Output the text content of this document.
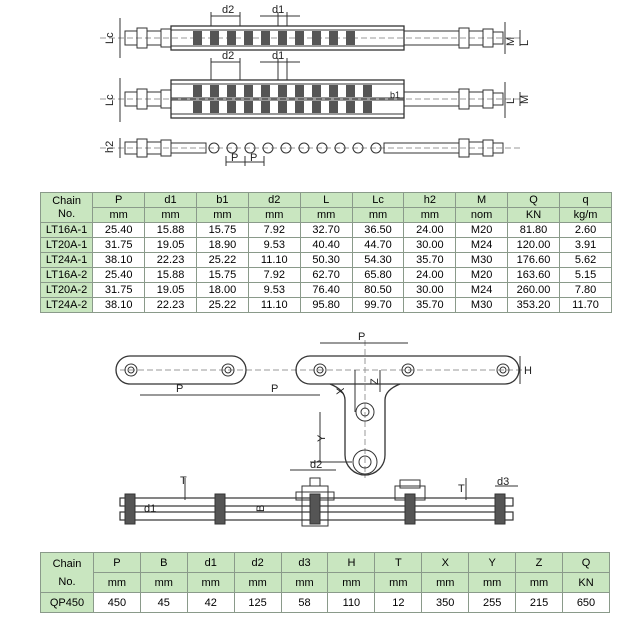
d2	d1
Lc	M L
d2	d1
Lc	L M
b1
h2
P P
P
P	P
H
X
Z
Y
d2
T
d1	B
T
d3
Chain
No.	P	d1	b1	d2	L	Lc	h2	M	Q	q
	mm	mm	mm	mm	mm	mm	mm	nom	KN	kg/m
LT16A-1	25.40	15.88	15.75	7.92	32.70	36.50	24.00	M20	81.80	2.60
LT20A-1	31.75	19.05	18.90	9.53	40.40	44.70	30.00	M24	120.00	3.91
LT24A-1	38.10	22.23	25.22	11.10	50.30	54.30	35.70	M30	176.60	5.62
LT16A-2	25.40	15.88	15.75	7.92	62.70	65.80	24.00	M20	163.60	5.15
LT20A-2	31.75	19.05	18.00	9.53	76.40	80.50	30.00	M24	260.00	7.80
LT24A-2	38.10	22.23	25.22	11.10	95.80	99.70	35.70	M30	353.20	11.70
Chain
No.	P	B	d1	d2	d3	H	T	X	Y	Z	Q
	mm	mm	mm	mm	mm	mm	mm	mm	mm	mm	KN
QP450	450	45	42	125	58	110	12	350	255	215	650
